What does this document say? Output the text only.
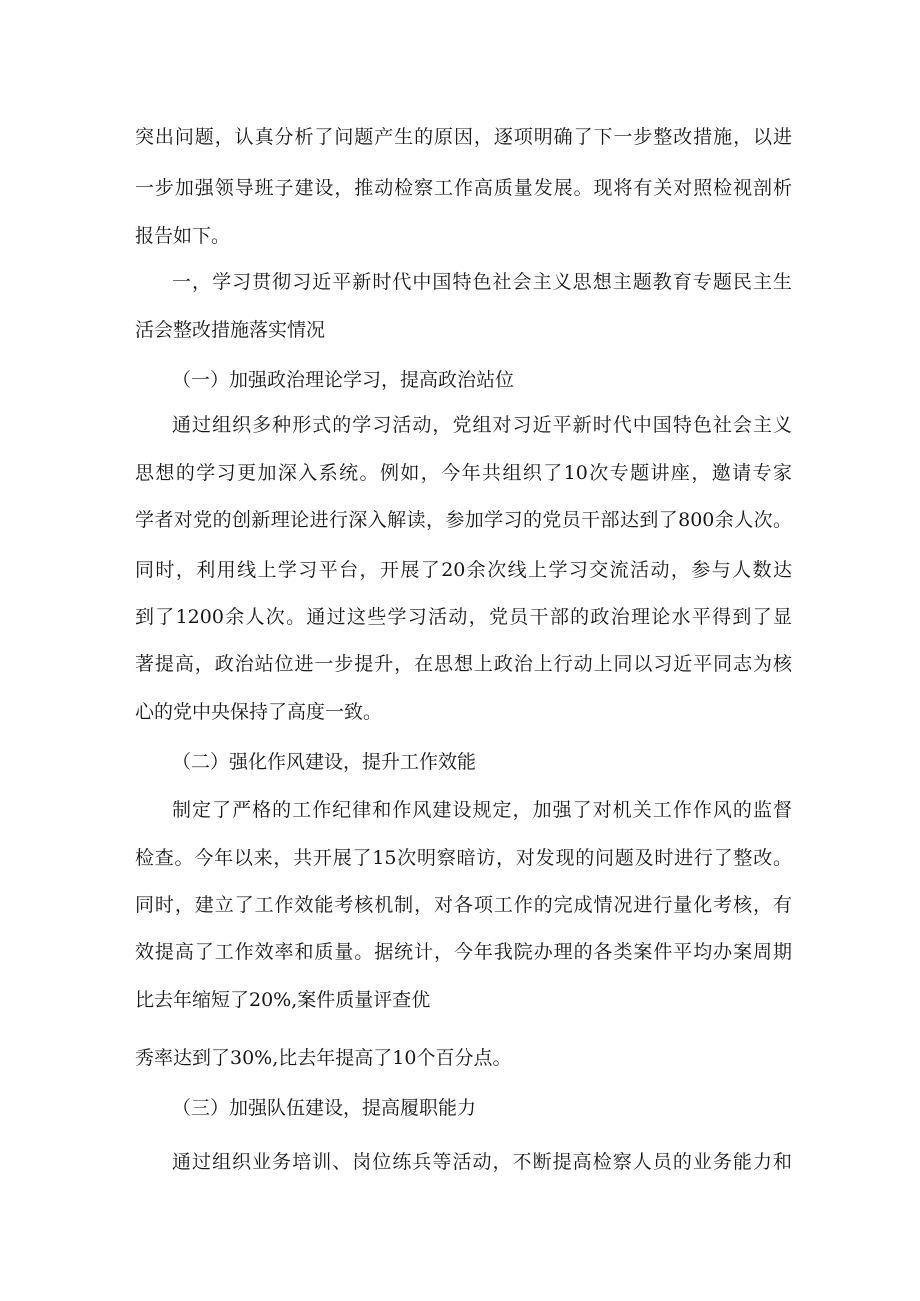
突出问题，认真分析了问题产生的原因，逐项明确了下一步整改措施，以进

一步加强领导班子建设，推动检察工作高质量发展。现将有关对照检视剖析

报告如下。

一，学习贯彻习近平新时代中国特色社会主义思想主题教育专题民主生

活会整改措施落实情况

（一）加强政治理论学习，提高政治站位

通过组织多种形式的学习活动，党组对习近平新时代中国特色社会主义

思想的学习更加深入系统。例如，今年共组织了10次专题讲座，邀请专家

学者对党的创新理论进行深入解读，参加学习的党员干部达到了800余人次。

同时，利用线上学习平台，开展了20余次线上学习交流活动，参与人数达

到了1200余人次。通过这些学习活动，党员干部的政治理论水平得到了显

著提高，政治站位进一步提升，在思想上政治上行动上同以习近平同志为核

心的党中央保持了高度一致。

（二）强化作风建设，提升工作效能

制定了严格的工作纪律和作风建设规定，加强了对机关工作作风的监督

检查。今年以来，共开展了15次明察暗访，对发现的问题及时进行了整改。

同时，建立了工作效能考核机制，对各项工作的完成情况进行量化考核，有

效提高了工作效率和质量。据统计，今年我院办理的各类案件平均办案周期

比去年缩短了20%,案件质量评查优

秀率达到了30%,比去年提高了10个百分点。

（三）加强队伍建设，提高履职能力

通过组织业务培训、岗位练兵等活动，不断提高检察人员的业务能力和
